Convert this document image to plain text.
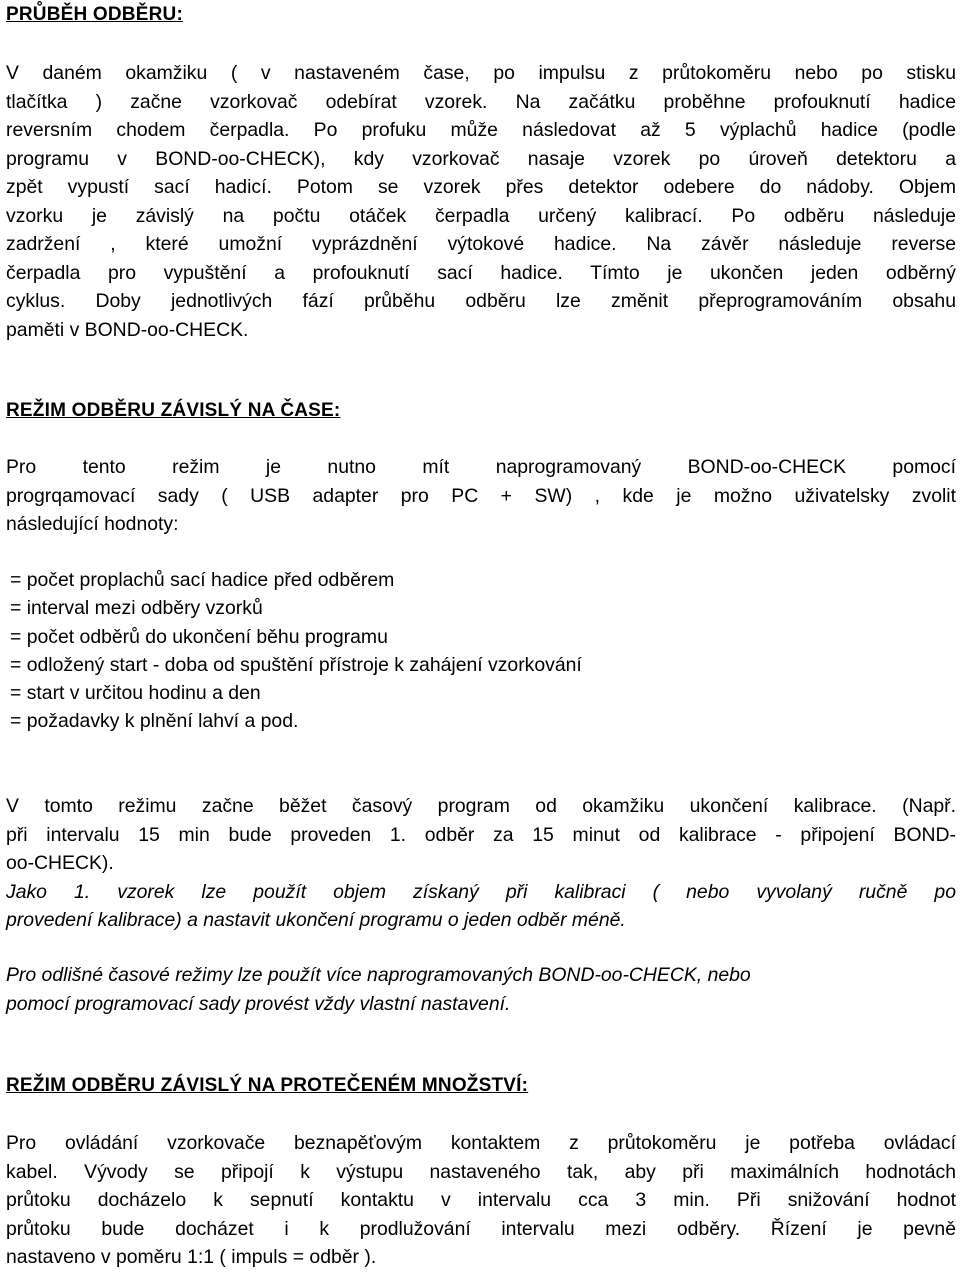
PRŮBĚH ODBĚRU:
V daném okamžiku ( v nastaveném čase, po impulsu z průtokoměru nebo po stisku
tlačítka ) začne vzorkovač odebírat vzorek. Na začátku proběhne profouknutí hadice
reversním chodem čerpadla. Po profuku může následovat až 5 výplachů hadice (podle
programu v BOND-oo-CHECK), kdy vzorkovač nasaje vzorek po úroveň detektoru a
zpět vypustí sací hadicí. Potom se vzorek přes detektor odebere do nádoby. Objem
vzorku je závislý na počtu otáček čerpadla určený kalibrací. Po odběru následuje
zadržení , které umožní vyprázdnění výtokové hadice. Na závěr následuje reverse
čerpadla pro vypuštění a profouknutí sací hadice. Tímto je ukončen jeden odběrný
cyklus. Doby jednotlivých fází průběhu odběru lze změnit přeprogramováním obsahu
paměti v BOND-oo-CHECK.
REŽIM ODBĚRU ZÁVISLÝ NA ČASE:
Pro tento režim je nutno mít naprogramovaný BOND-oo-CHECK pomocí
progrqamovací sady ( USB adapter pro PC + SW) , kde je možno uživatelsky zvolit
následující hodnoty:
= počet proplachů sací hadice před odběrem
= interval mezi odběry vzorků
= počet odběrů do ukončení běhu programu
= odložený start - doba od spuštění přístroje k zahájení vzorkování
= start v určitou hodinu a den
= požadavky k plnění lahví a pod.
V tomto režimu začne běžet časový program od okamžiku ukončení kalibrace. (Např.
při intervalu 15 min bude proveden 1. odběr za 15 minut od kalibrace - připojení BOND-
oo-CHECK).
Jako 1. vzorek lze použít objem získaný při kalibraci ( nebo vyvolaný ručně po
provedení kalibrace) a nastavit ukončení programu o jeden odběr méně.
Pro odlišné časové režimy lze použít více naprogramovaných BOND-oo-CHECK, nebo
pomocí programovací sady provést vždy vlastní nastavení.
REŽIM ODBĚRU ZÁVISLÝ NA PROTEČENÉM MNOŽSTVÍ:
Pro ovládání vzorkovače beznapěťovým kontaktem z průtokoměru je potřeba ovládací
kabel. Vývody se připojí k výstupu nastaveného tak, aby při maximálních hodnotách
průtoku docházelo k sepnutí kontaktu v intervalu cca 3 min. Při snižování hodnot
průtoku bude docházet i k prodlužování intervalu mezi odběry. Řízení je pevně
nastaveno v poměru 1:1 ( impuls = odběr ).
